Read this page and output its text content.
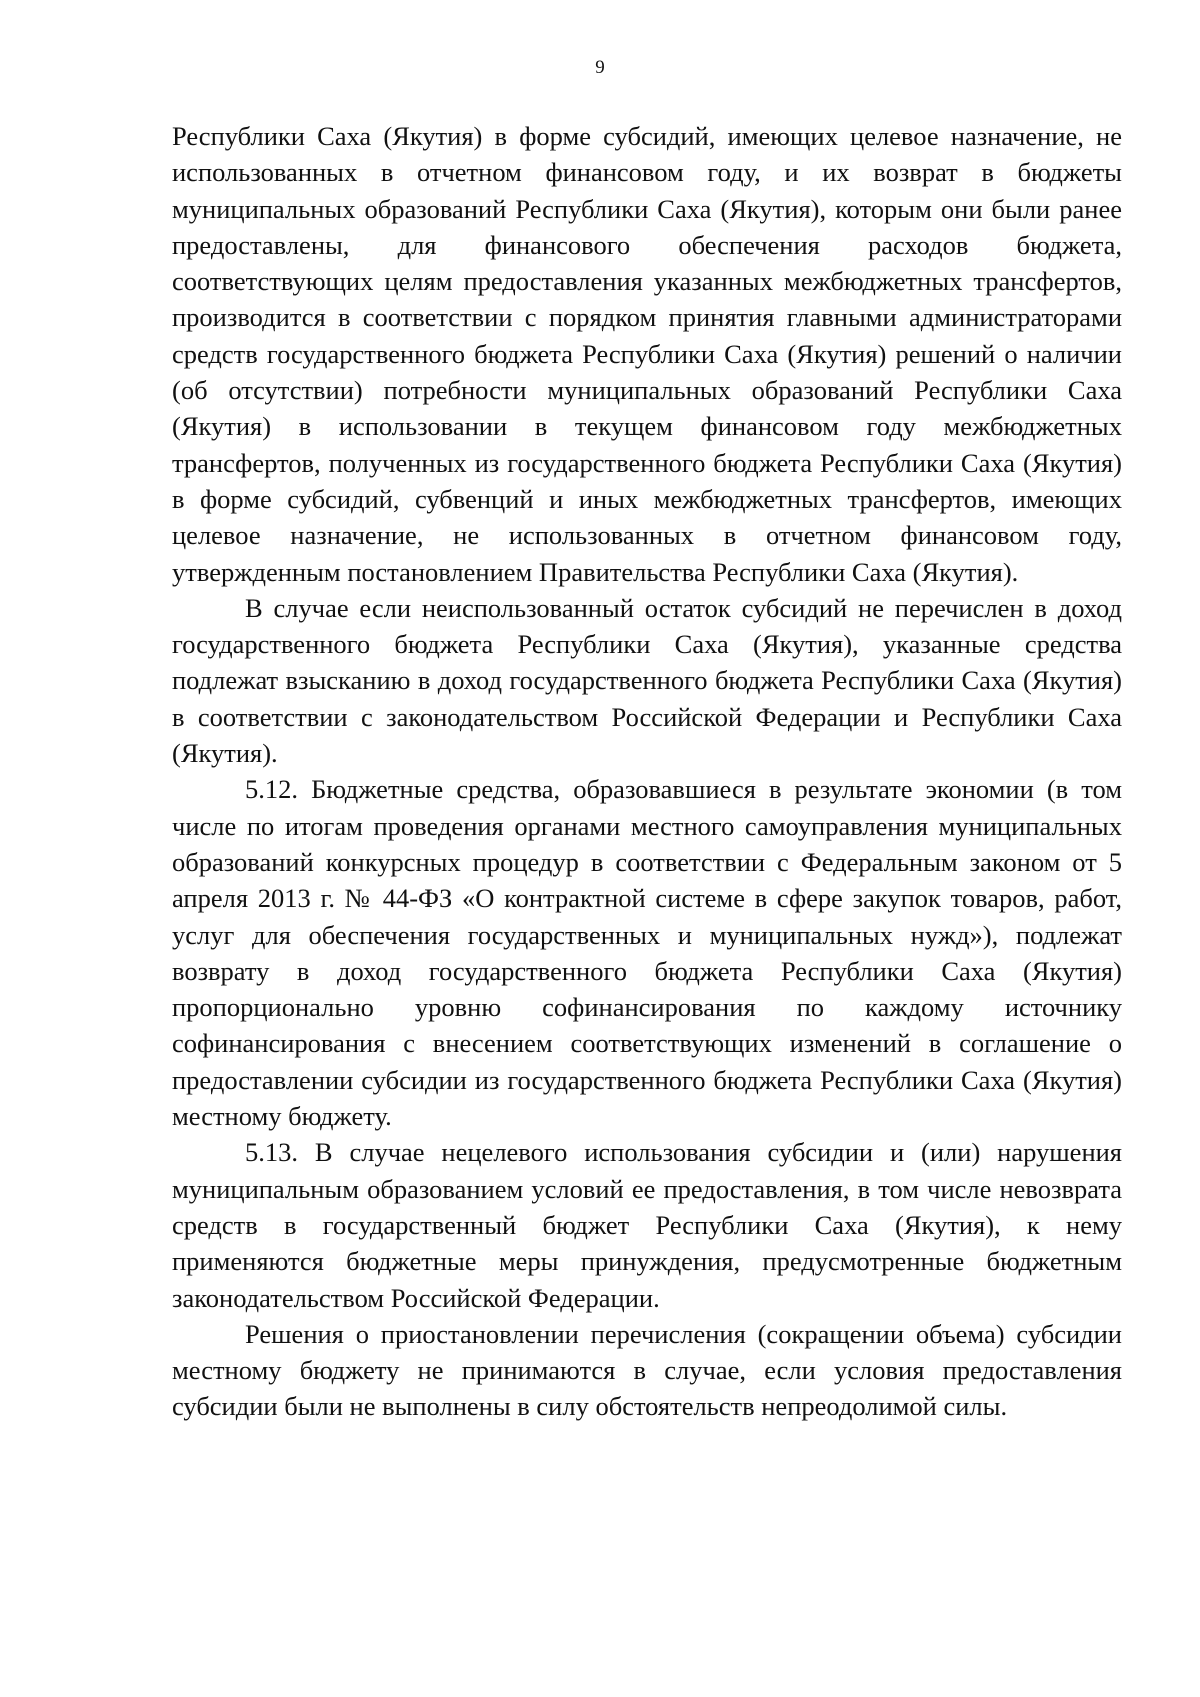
9

Республики Саха (Якутия) в форме субсидий, имеющих целевое назначение, не использованных в отчетном финансовом году, и их возврат в бюджеты муниципальных образований Республики Саха (Якутия), которым они были ранее предоставлены, для финансового обеспечения расходов бюджета, соответствующих целям предоставления указанных межбюджетных трансфертов, производится в соответствии с порядком принятия главными администраторами средств государственного бюджета Республики Саха (Якутия) решений о наличии (об отсутствии) потребности муниципальных образований Республики Саха (Якутия) в использовании в текущем финансовом году межбюджетных трансфертов, полученных из государственного бюджета Республики Саха (Якутия) в форме субсидий, субвенций и иных межбюджетных трансфертов, имеющих целевое назначение, не использованных в отчетном финансовом году, утвержденным постановлением Правительства Республики Саха (Якутия).

В случае если неиспользованный остаток субсидий не перечислен в доход государственного бюджета Республики Саха (Якутия), указанные средства подлежат взысканию в доход государственного бюджета Республики Саха (Якутия) в соответствии с законодательством Российской Федерации и Республики Саха (Якутия).

5.12. Бюджетные средства, образовавшиеся в результате экономии (в том числе по итогам проведения органами местного самоуправления муниципальных образований конкурсных процедур в соответствии с Федеральным законом от 5 апреля 2013 г. № 44-ФЗ «О контрактной системе в сфере закупок товаров, работ, услуг для обеспечения государственных и муниципальных нужд»), подлежат возврату в доход государственного бюджета Республики Саха (Якутия) пропорционально уровню софинансирования по каждому источнику софинансирования с внесением соответствующих изменений в соглашение о предоставлении субсидии из государственного бюджета Республики Саха (Якутия) местному бюджету.

5.13. В случае нецелевого использования субсидии и (или) нарушения муниципальным образованием условий ее предоставления, в том числе невозврата средств в государственный бюджет Республики Саха (Якутия), к нему применяются бюджетные меры принуждения, предусмотренные бюджетным законодательством Российской Федерации.

Решения о приостановлении перечисления (сокращении объема) субсидии местному бюджету не принимаются в случае, если условия предоставления субсидии были не выполнены в силу обстоятельств непреодолимой силы.
